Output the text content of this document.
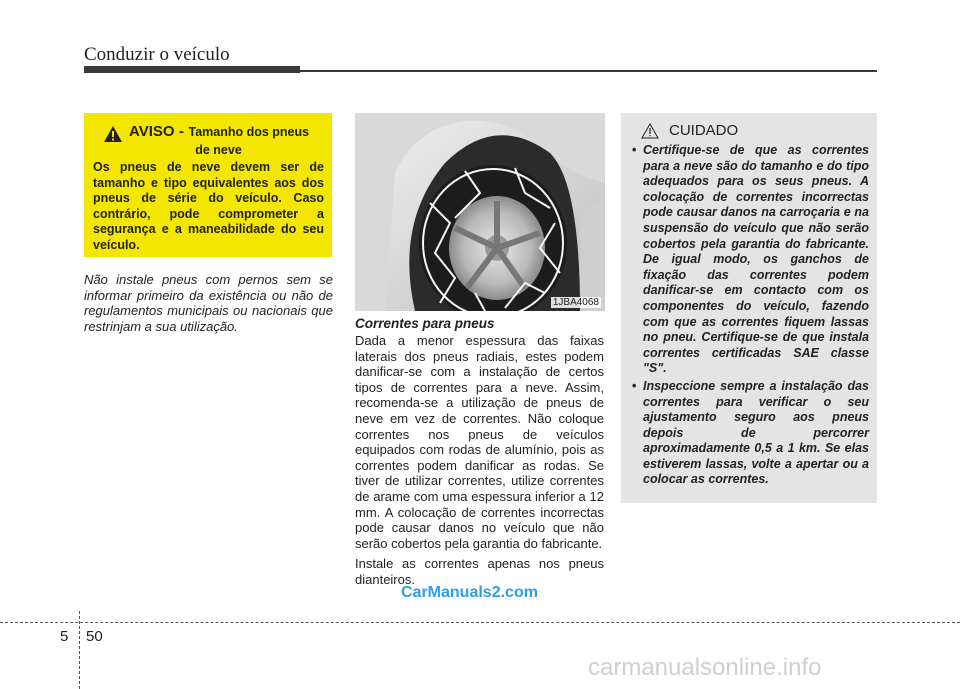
Conduzir o veículo
AVISO - Tamanho dos pneus
de neve
Os pneus de neve devem ser de tamanho e tipo equivalentes aos dos pneus de série do veículo. Caso contrário, pode comprometer a segurança e a maneabilidade do seu veículo.
Não instale pneus com pernos sem se informar primeiro da existência ou não de regulamentos municipais ou nacionais que restrinjam a sua utilização.
1JBA4068
Correntes para pneus

Dada a menor espessura das faixas laterais dos pneus radiais, estes podem danificar-se com a instalação de certos tipos de correntes para a neve. Assim, recomenda-se a utilização de pneus de neve em vez de correntes. Não coloque correntes nos pneus de veículos equipados com rodas de alumínio, pois as correntes podem danificar as rodas. Se tiver de utilizar correntes, utilize correntes de arame com uma espessura inferior a 12 mm. A colocação de correntes incorrectas pode causar danos no veículo que não serão cobertos pela garantia do fabricante.

Instale as correntes apenas nos pneus dianteiros.

CUIDADO
• Certifique-se de que as correntes para a neve são do tamanho e do tipo adequados para os seus pneus. A colocação de correntes incorrectas pode causar danos na carroçaria e na suspensão do veículo que não serão cobertos pela garantia do fabricante. De igual modo, os ganchos de fixação das correntes podem danificar-se em contacto com os componentes do veículo, fazendo com que as correntes fiquem lassas no pneu. Certifique-se de que instala correntes certificadas SAE classe "S".
• Inspeccione sempre a instalação das correntes para verificar o seu ajustamento seguro aos pneus depois de percorrer aproximadamente 0,5 a 1 km. Se elas estiverem lassas, volte a apertar ou a colocar as correntes.
CarManuals2.com
5 50
carmanualsonline.info
